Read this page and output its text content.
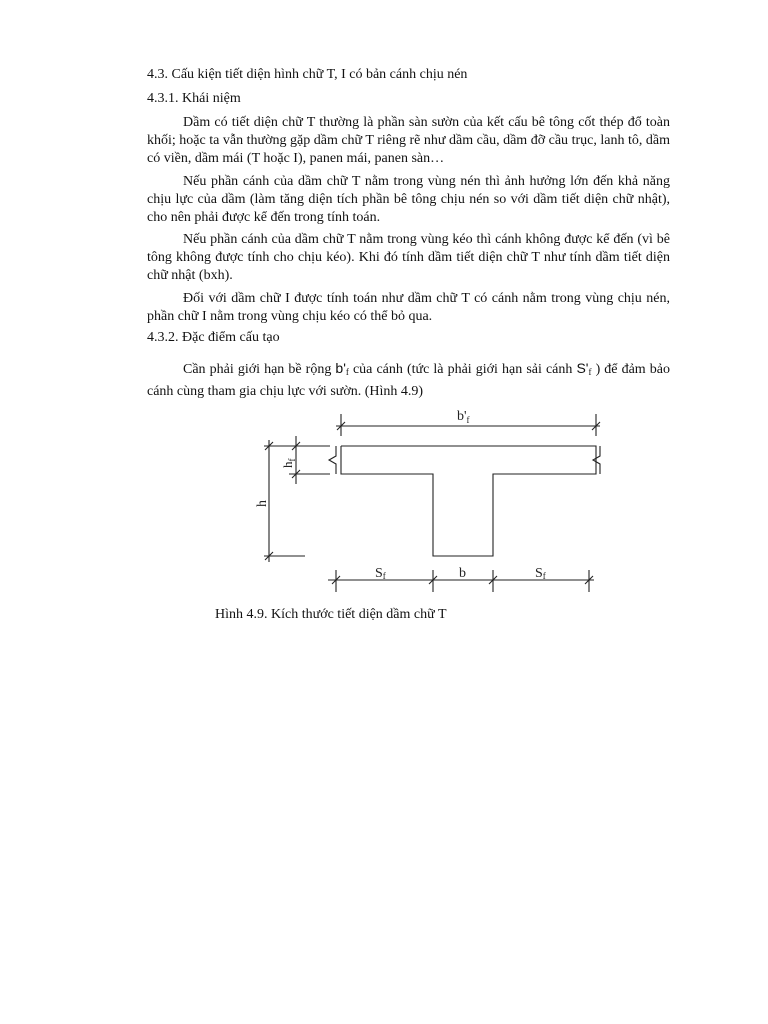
4.3. Cấu kiện tiết diện hình chữ T, I có bản cánh chịu nén
4.3.1. Khái niệm
Dầm có tiết diện chữ T thường là phần sàn sườn của kết cấu bê tông cốt thép đổ toàn khối; hoặc ta vẫn thường gặp dầm chữ T riêng rẽ như dầm cầu, dầm đỡ cầu trục, lanh tô, dầm có viền, dầm mái (T hoặc I), panen mái, panen sàn…
Nếu phần cánh của dầm chữ T nằm trong vùng nén thì ảnh hưởng lớn đến khả năng chịu lực của dầm (làm tăng diện tích phần bê tông chịu nén so với dầm tiết diện chữ nhật), cho nên phải được kể đến trong tính toán.
Nếu phần cánh của dầm chữ T nằm trong vùng kéo thì cánh không được kể đến (vì bê tông không được tính cho chịu kéo). Khi đó tính dầm tiết diện chữ T như tính dầm tiết diện chữ nhật (bxh).
Đối với dầm chữ I được tính toán như dầm chữ T có cánh nằm trong vùng chịu nén, phần chữ I nằm trong vùng chịu kéo có thể bỏ qua.
4.3.2. Đặc điểm cấu tạo
Cần phải giới hạn bề rộng $b'_f$ của cánh (tức là phải giới hạn sải cánh $S'_f$ ) để đảm bảo cánh cùng tham gia chịu lực với sườn. (Hình 4.9)
$b'_f$
$h_f$
h
Sf	b	Sf
Hình 4.9. Kích thước tiết diện dầm chữ T
